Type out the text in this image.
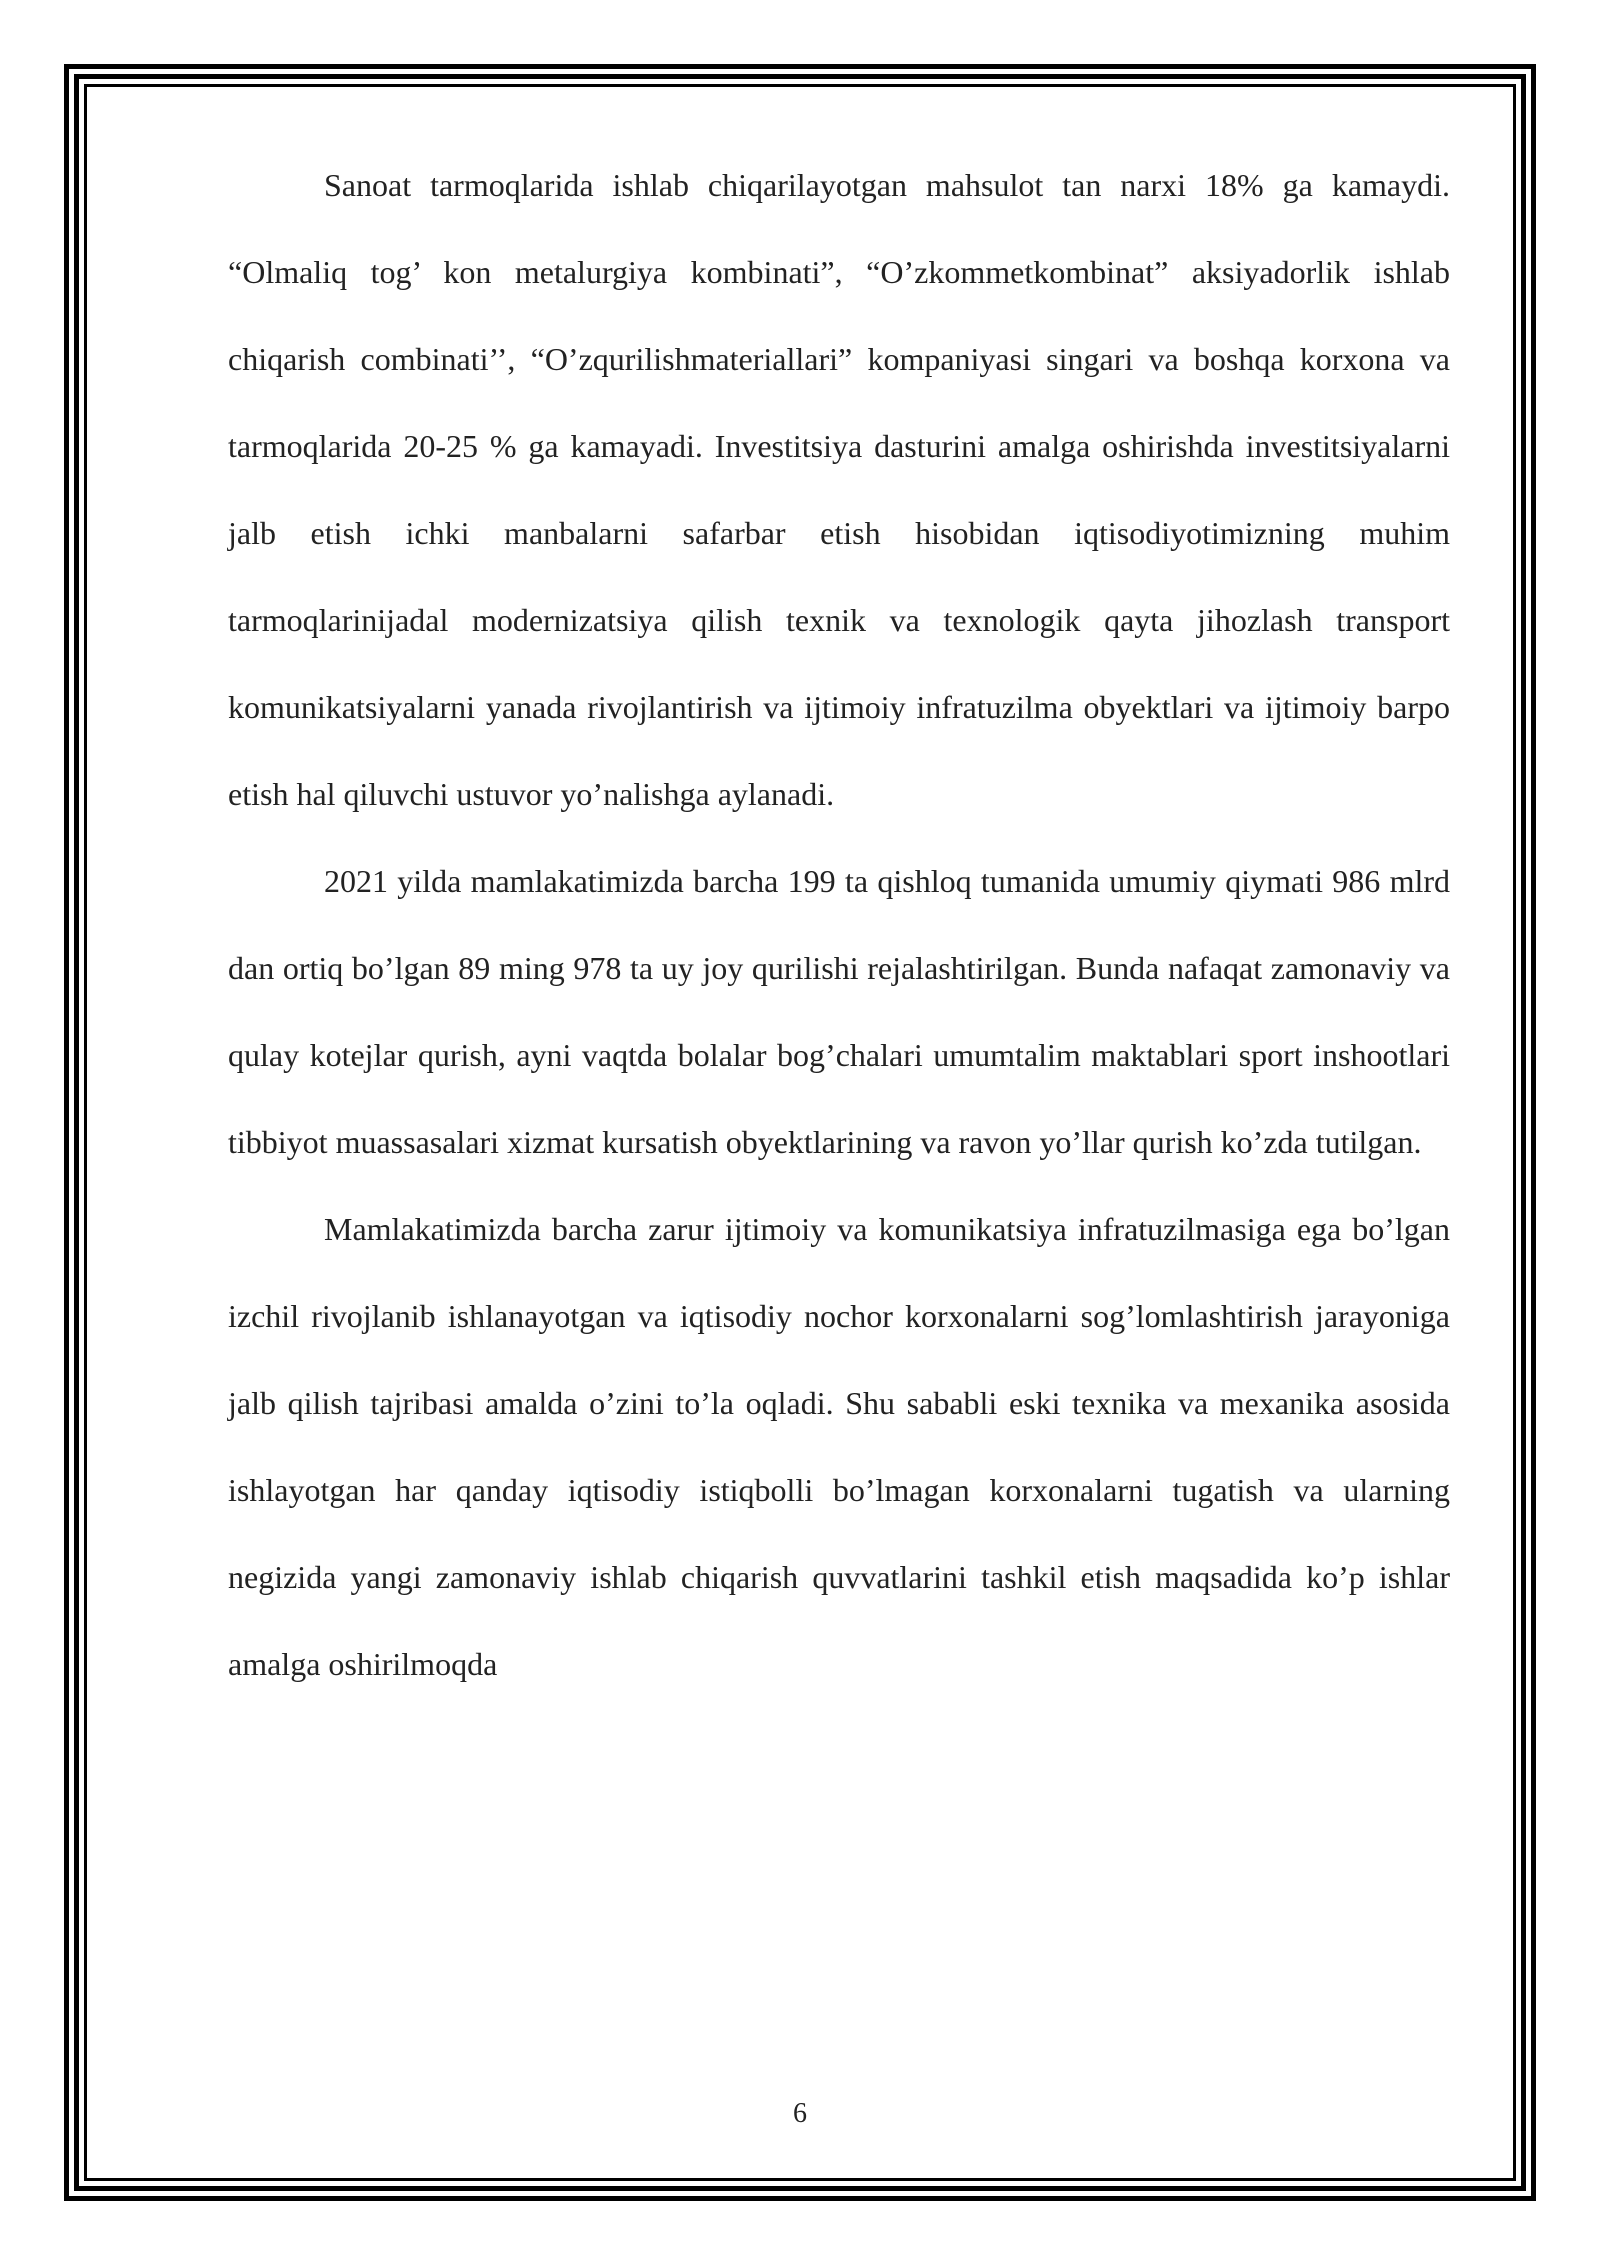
Sanoat tarmoqlarida ishlab chiqarilayotgan mahsulot tan narxi 18% ga kamaydi. “Olmaliq tog’ kon metalurgiya kombinati”, “O’zkommetkombinat” aksiyadorlik ishlab chiqarish combinati’’, “O’zqurilishmateriallari” kompaniyasi singari va boshqa korxona va tarmoqlarida 20-25 % ga kamayadi. Investitsiya dasturini amalga oshirishda investitsiyalarni jalb etish ichki manbalarni safarbar etish hisobidan iqtisodiyotimizning muhim tarmoqlarinijadal modernizatsiya qilish texnik va texnologik qayta jihozlash transport komunikatsiyalarni yanada rivojlantirish va ijtimoiy infratuzilma obyektlari va ijtimoiy barpo etish hal qiluvchi ustuvor yo’nalishga aylanadi.

2021 yilda mamlakatimizda barcha 199 ta qishloq tumanida umumiy qiymati 986 mlrd dan ortiq bo’lgan 89 ming 978 ta uy joy qurilishi rejalashtirilgan. Bunda nafaqat zamonaviy va qulay kotejlar qurish, ayni vaqtda bolalar bog’chalari umumtalim maktablari sport inshootlari tibbiyot muassasalari xizmat kursatish obyektlarining va ravon yo’llar qurish ko’zda tutilgan.

Mamlakatimizda barcha zarur ijtimoiy va komunikatsiya infratuzilmasiga ega bo’lgan izchil rivojlanib ishlanayotgan va iqtisodiy nochor korxonalarni sog’lomlashtirish jarayoniga jalb qilish tajribasi amalda o’zini to’la oqladi. Shu sababli eski texnika va mexanika asosida ishlayotgan har qanday iqtisodiy istiqbolli bo’lmagan korxonalarni tugatish va ularning negizida yangi zamonaviy ishlab chiqarish quvvatlarini tashkil etish maqsadida ko’p ishlar amalga oshirilmoqda

6
